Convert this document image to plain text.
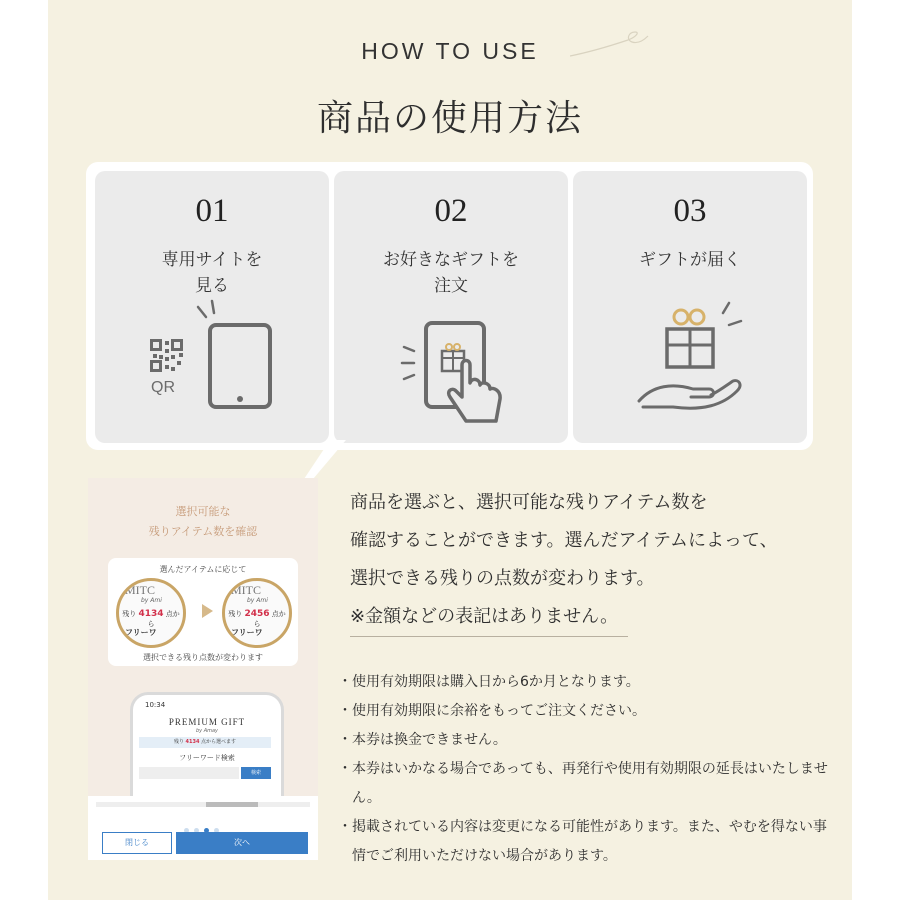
HOW TO USE
商品の使用方法
01
専用サイトを
見る
QR
02
お好きなギフトを
注文
03
ギフトが届く
選択可能な
残りアイテム数を確認
選んだアイテムに応じて
MITC
by Ami
残り 4134 点から
フリーワ
MITC
by Ami
残り 2456 点から
フリーワ
選択できる残り点数が変わります
10:34
PREMIUM GIFT
by Amay
残り 4134 点から選べます
フリーワード検索
検索
閉じる	次へ
商品を選ぶと、選択可能な残りアイテム数を
確認することができます。選んだアイテムによって、
選択できる残りの点数が変わります。
※金額などの表記はありません。
・使用有効期限は購入日から6か月となります。
・使用有効期限に余裕をもってご注文ください。
・本券は換金できません。
・本券はいかなる場合であっても、再発行や使用有効期限の延長はいたしません。
・掲載されている内容は変更になる可能性があります。また、やむを得ない事情でご利用いただけない場合があります。
